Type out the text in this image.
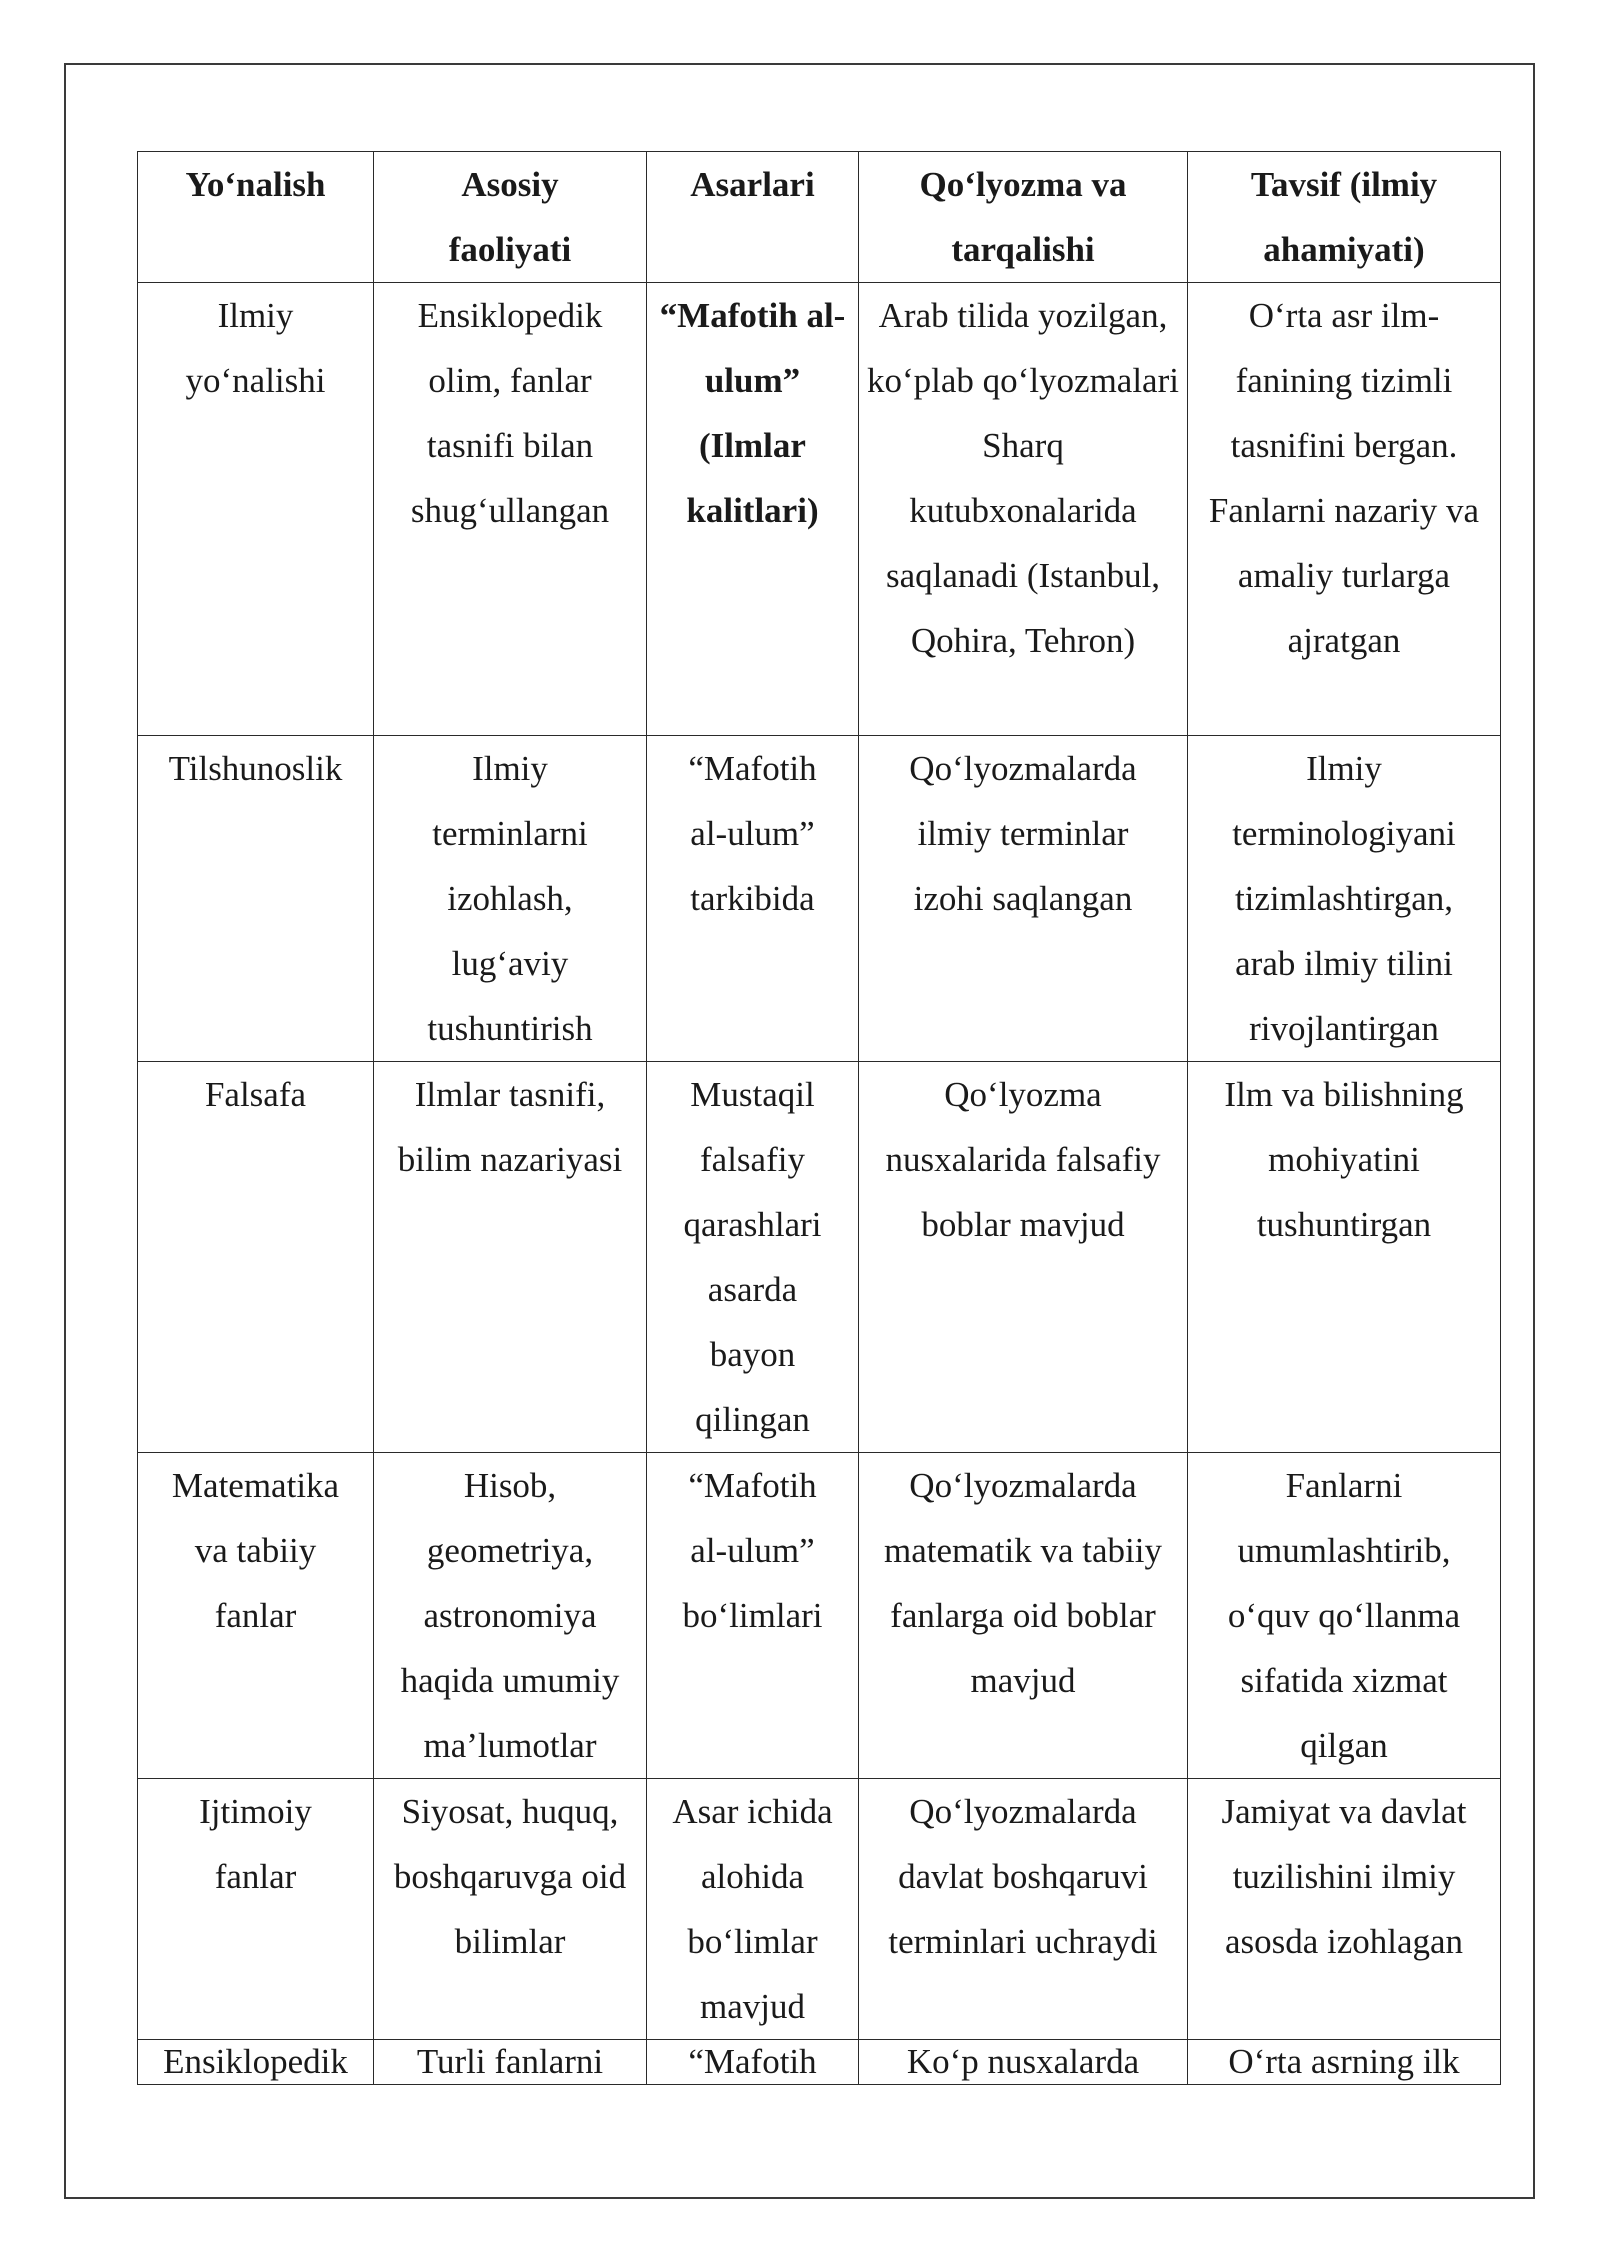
Yo‘nalish	Asosiy faoliyati	Asarlari	Qo‘lyozma va tarqalishi	Tavsif (ilmiy ahamiyati)

Ilmiy yo‘nalishi	Ensiklopedik olim, fanlar tasnifi bilan shug‘ullangan	“Mafotih al-ulum” (Ilmlar kalitlari)	Arab tilida yozilgan, ko‘plab qo‘lyozmalari Sharq kutubxonalarida saqlanadi (Istanbul, Qohira, Tehron)	O‘rta asr ilm-fanining tizimli tasnifini bergan. Fanlarni nazariy va amaliy turlarga ajratgan

Tilshunoslik	Ilmiy terminlarni izohlash, lug‘aviy tushuntirish	“Mafotih al-ulum” tarkibida	Qo‘lyozmalarda ilmiy terminlar izohi saqlangan	Ilmiy terminologiyani tizimlashtirgan, arab ilmiy tilini rivojlantirgan

Falsafa	Ilmlar tasnifi, bilim nazariyasi	Mustaqil falsafiy qarashlari asarda bayon qilingan	Qo‘lyozma nusxalarida falsafiy boblar mavjud	Ilm va bilishning mohiyatini tushuntirgan

Matematika va tabiiy fanlar	Hisob, geometriya, astronomiya haqida umumiy ma’lumotlar	“Mafotih al-ulum” bo‘limlari	Qo‘lyozmalarda matematik va tabiiy fanlarga oid boblar mavjud	Fanlarni umumlashtirib, o‘quv qo‘llanma sifatida xizmat qilgan

Ijtimoiy fanlar	Siyosat, huquq, boshqaruvga oid bilimlar	Asar ichida alohida bo‘limlar mavjud	Qo‘lyozmalarda davlat boshqaruvi terminlari uchraydi	Jamiyat va davlat tuzilishini ilmiy asosda izohlagan

Ensiklopedik	Turli fanlarni	“Mafotih	Ko‘p nusxalarda	O‘rta asrning ilk
